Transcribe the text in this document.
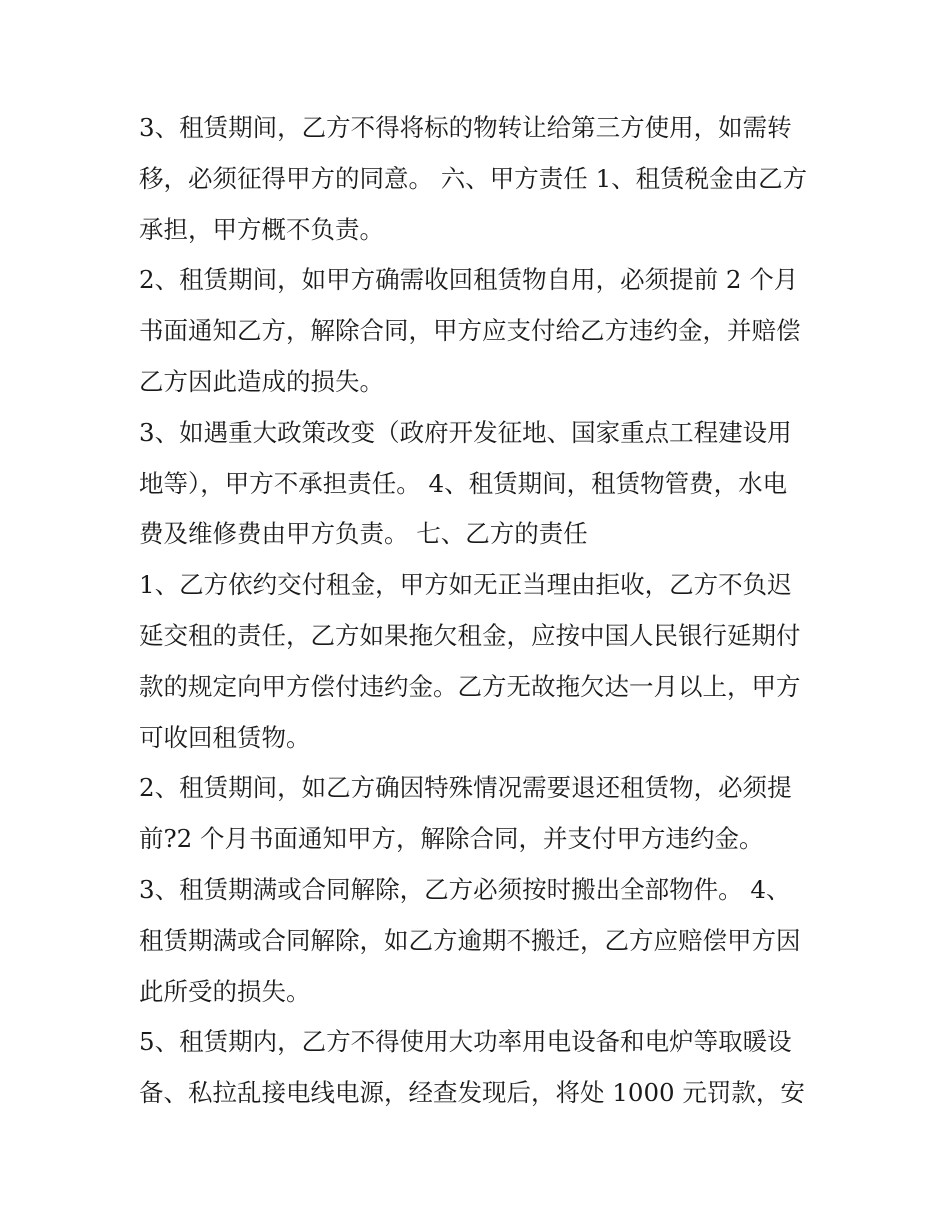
3、租赁期间，乙方不得将标的物转让给第三方使用，如需转
移，必须征得甲方的同意。 六、甲方责任 1、租赁税金由乙方
承担，甲方概不负责。

2、租赁期间，如甲方确需收回租赁物自用，必须提前 2 个月
书面通知乙方，解除合同，甲方应支付给乙方违约金，并赔偿
乙方因此造成的损失。

3、如遇重大政策改变（政府开发征地、国家重点工程建设用
地等），甲方不承担责任。 4、租赁期间，租赁物管费，水电
费及维修费由甲方负责。 七、乙方的责任

1、乙方依约交付租金，甲方如无正当理由拒收，乙方不负迟
延交租的责任，乙方如果拖欠租金，应按中国人民银行延期付
款的规定向甲方偿付违约金。乙方无故拖欠达一月以上，甲方
可收回租赁物。

2、租赁期间，如乙方确因特殊情况需要退还租赁物，必须提
前?2 个月书面通知甲方，解除合同，并支付甲方违约金。

3、租赁期满或合同解除，乙方必须按时搬出全部物件。 4、
租赁期满或合同解除，如乙方逾期不搬迁，乙方应赔偿甲方因
此所受的损失。

5、租赁期内，乙方不得使用大功率用电设备和电炉等取暖设
备、私拉乱接电线电源，经查发现后，将处 1000 元罚款，安
